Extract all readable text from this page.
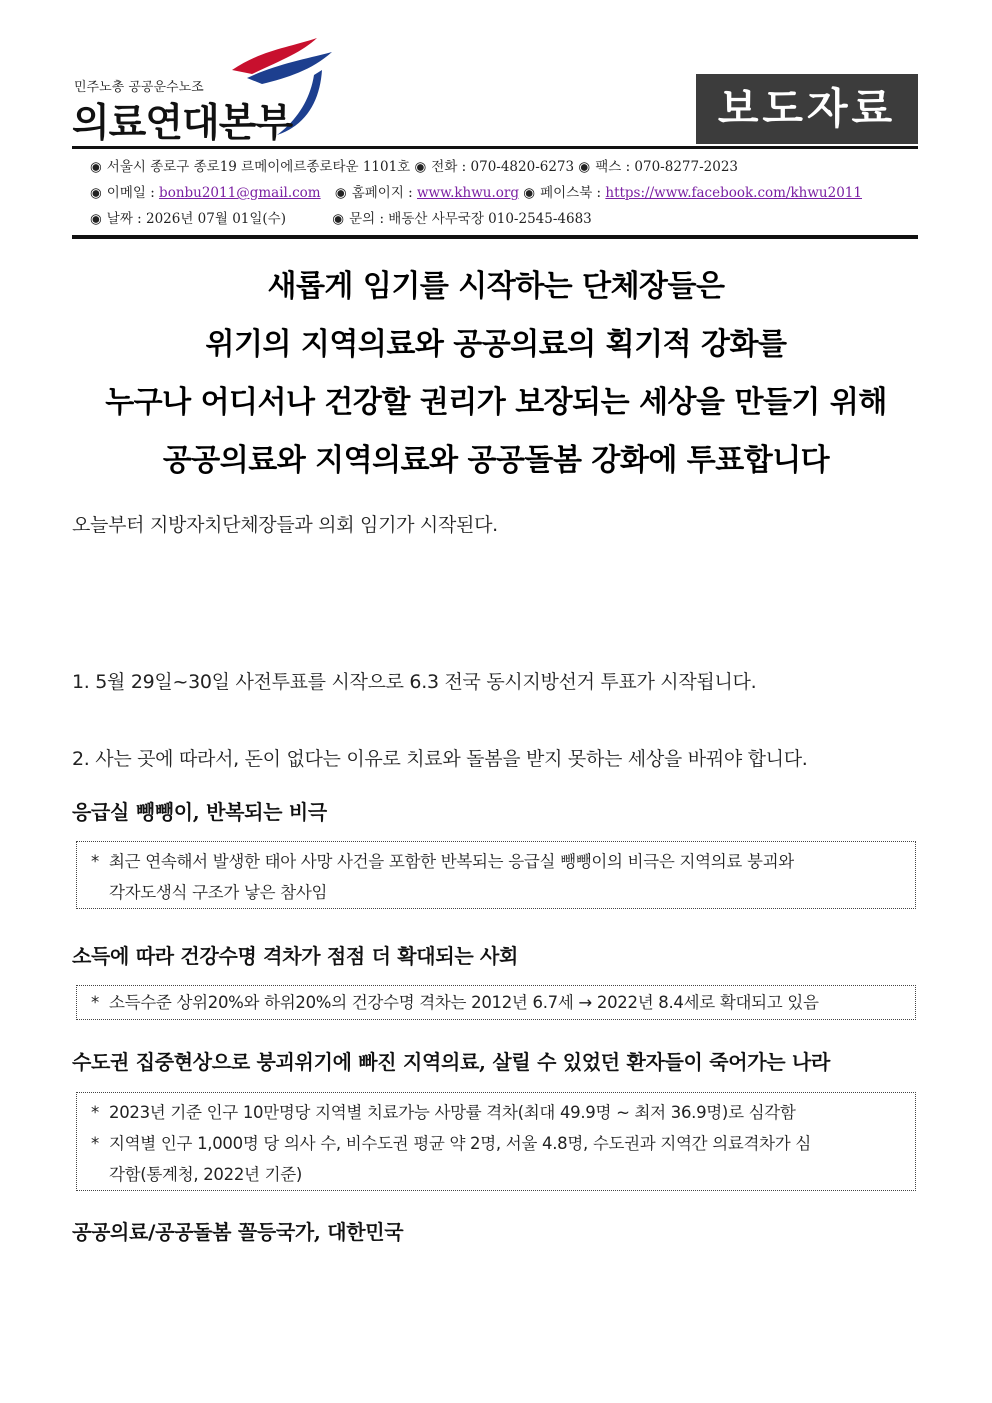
민주노총 공공운수노조
의료연대본부	보도자료
◉ 서울시 종로구 종로19 르메이에르종로타운 1101호 ◉ 전화 : 070-4820-6273 ◉ 팩스 : 070-8277-2023
◉ 이메일 : bonbu2011@gmail.com ◉ 홈페이지 : www.khwu.org ◉ 페이스북 : https://www.facebook.com/khwu2011
◉ 날짜 : 2026년 07월 01일(수)	◉ 문의 : 배동산 사무국장 010-2545-4683
새롭게 임기를 시작하는 단체장들은
위기의 지역의료와 공공의료의 획기적 강화를
누구나 어디서나 건강할 권리가 보장되는 세상을 만들기 위해
공공의료와 지역의료와 공공돌봄 강화에 투표합니다
오늘부터 지방자치단체장들과 의회 임기가 시작된다.
1. 5월 29일~30일 사전투표를 시작으로 6.3 전국 동시지방선거 투표가 시작됩니다.
2. 사는 곳에 따라서, 돈이 없다는 이유로 치료와 돌봄을 받지 못하는 세상을 바꿔야 합니다.
응급실 뺑뺑이, 반복되는 비극
* 최근 연속해서 발생한 태아 사망 사건을 포함한 반복되는 응급실 뺑뺑이의 비극은 지역의료 붕괴와
각자도생식 구조가 낳은 참사임
소득에 따라 건강수명 격차가 점점 더 확대되는 사회
* 소득수준 상위20%와 하위20%의 건강수명 격차는 2012년 6.7세 → 2022년 8.4세로 확대되고 있음
수도권 집중현상으로 붕괴위기에 빠진 지역의료, 살릴 수 있었던 환자들이 죽어가는 나라
* 2023년 기준 인구 10만명당 지역별 치료가능 사망률 격차(최대 49.9명 ~ 최저 36.9명)로 심각함
* 지역별 인구 1,000명 당 의사 수, 비수도권 평균 약 2명, 서울 4.8명, 수도권과 지역간 의료격차가 심
각함(통계청, 2022년 기준)
공공의료/공공돌봄 꼴등국가, 대한민국
